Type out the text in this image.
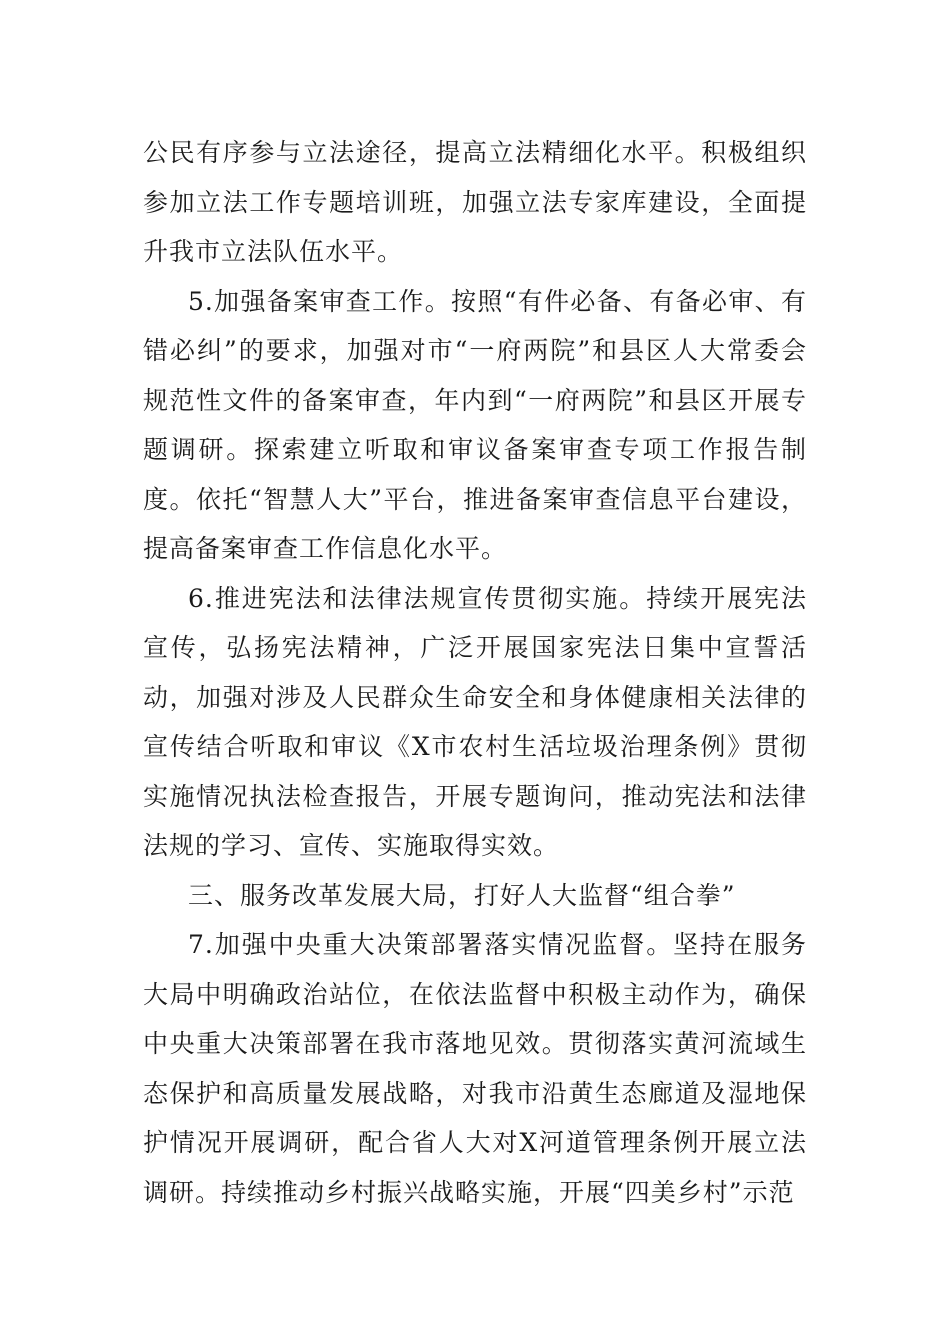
公民有序参与立法途径，提高立法精细化水平。积极组织参加立法工作专题培训班，加强立法专家库建设，全面提升我市立法队伍水平。

5.加强备案审查工作。按照“有件必备、有备必审、有错必纠”的要求，加强对市“一府两院”和县区人大常委会规范性文件的备案审查，年内到“一府两院”和县区开展专题调研。探索建立听取和审议备案审查专项工作报告制度。依托“智慧人大”平台，推进备案审查信息平台建设，提高备案审查工作信息化水平。

6.推进宪法和法律法规宣传贯彻实施。持续开展宪法宣传，弘扬宪法精神，广泛开展国家宪法日集中宣誓活动，加强对涉及人民群众生命安全和身体健康相关法律的宣传结合听取和审议《X市农村生活垃圾治理条例》贯彻实施情况执法检查报告，开展专题询问，推动宪法和法律法规的学习、宣传、实施取得实效。

三、服务改革发展大局，打好人大监督“组合拳”

7.加强中央重大决策部署落实情况监督。坚持在服务大局中明确政治站位，在依法监督中积极主动作为，确保中央重大决策部署在我市落地见效。贯彻落实黄河流域生态保护和高质量发展战略，对我市沿黄生态廊道及湿地保护情况开展调研，配合省人大对X河道管理条例开展立法调研。持续推动乡村振兴战略实施，开展“四美乡村”示范
